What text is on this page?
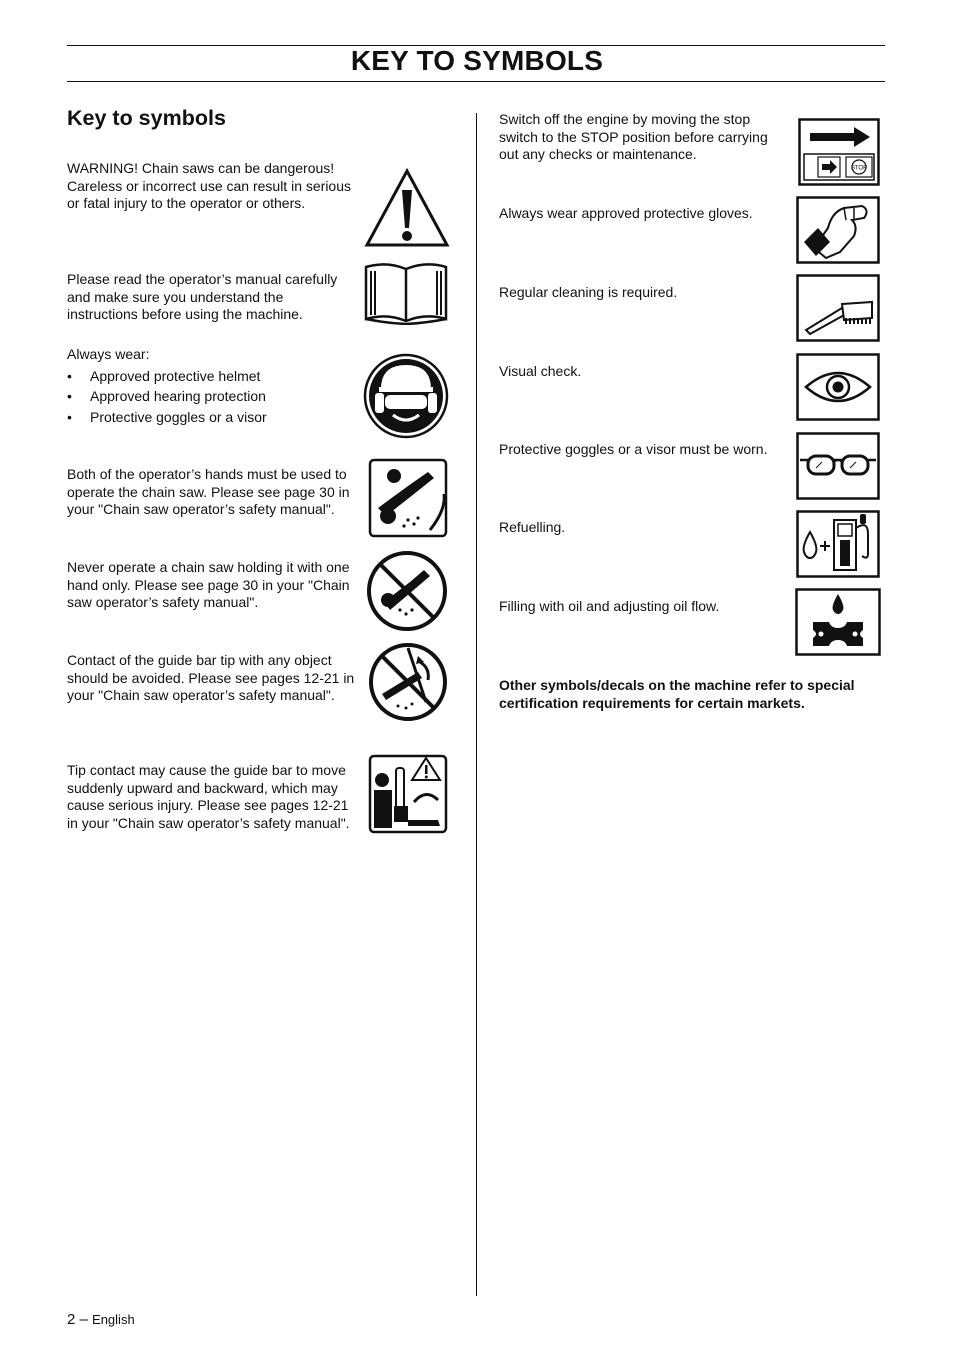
KEY TO SYMBOLS
Key to symbols
WARNING! Chain saws can be dangerous! Careless or incorrect use can result in serious or fatal injury to the operator or others.
Please read the operator’s manual carefully and make sure you understand the instructions before using the machine.
Always wear:
• Approved protective helmet
• Approved hearing protection
• Protective goggles or a visor
Both of the operator’s hands must be used to operate the chain saw. Please see page 30 in your "Chain saw operator’s safety manual".
Never operate a chain saw holding it with one hand only. Please see page 30 in your "Chain saw operator’s safety manual".
Contact of the guide bar tip with any object should be avoided. Please see pages 12-21 in your "Chain saw operator’s safety manual".
Tip contact may cause the guide bar to move suddenly upward and backward, which may cause serious injury. Please see pages 12-21 in your "Chain saw operator’s safety manual".
Switch off the engine by moving the stop switch to the STOP position before carrying out any checks or maintenance.
STOP
Always wear approved protective gloves.
Regular cleaning is required.
Visual check.
Protective goggles or a visor must be worn.
Refuelling.
Filling with oil and adjusting oil flow.
Other symbols/decals on the machine refer to special certification requirements for certain markets.
2 – English
